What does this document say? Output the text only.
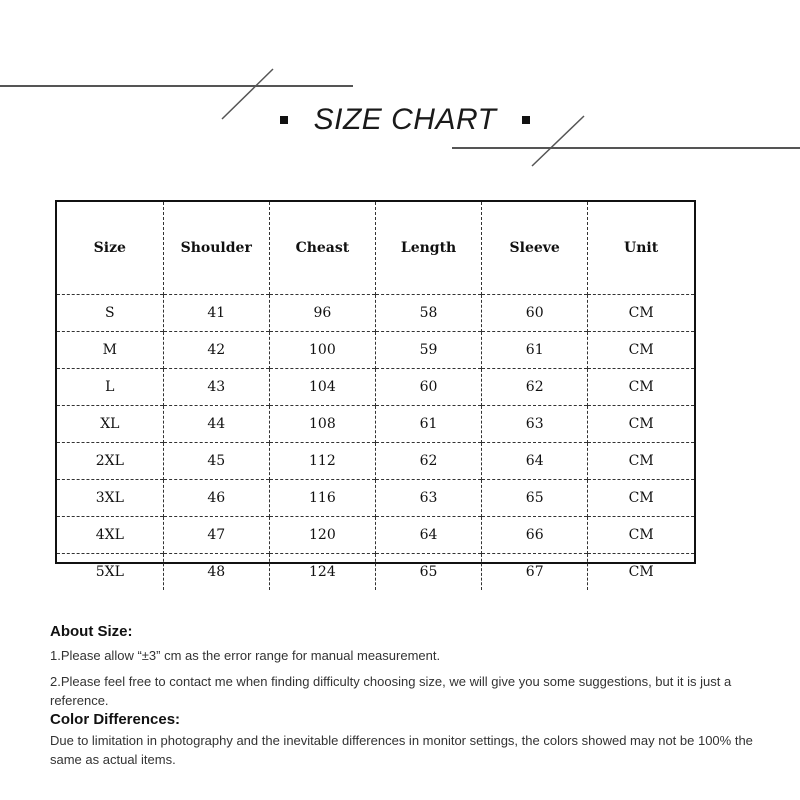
SIZE CHART
Size	Shoulder	Cheast	Length	Sleeve	Unit
S	41	96	58	60	CM
M	42	100	59	61	CM
L	43	104	60	62	CM
XL	44	108	61	63	CM
2XL	45	112	62	64	CM
3XL	46	116	63	65	CM
4XL	47	120	64	66	CM
5XL	48	124	65	67	CM

About Size:

1.Please allow “±3” cm as the error range for manual measurement.

2.Please feel free to contact me when finding difficulty choosing size, we will give you some suggestions, but it is just a reference.

Color Differences:

Due to limitation in photography and the inevitable differences in monitor settings, the colors showed may not be 100% the same as actual items.
